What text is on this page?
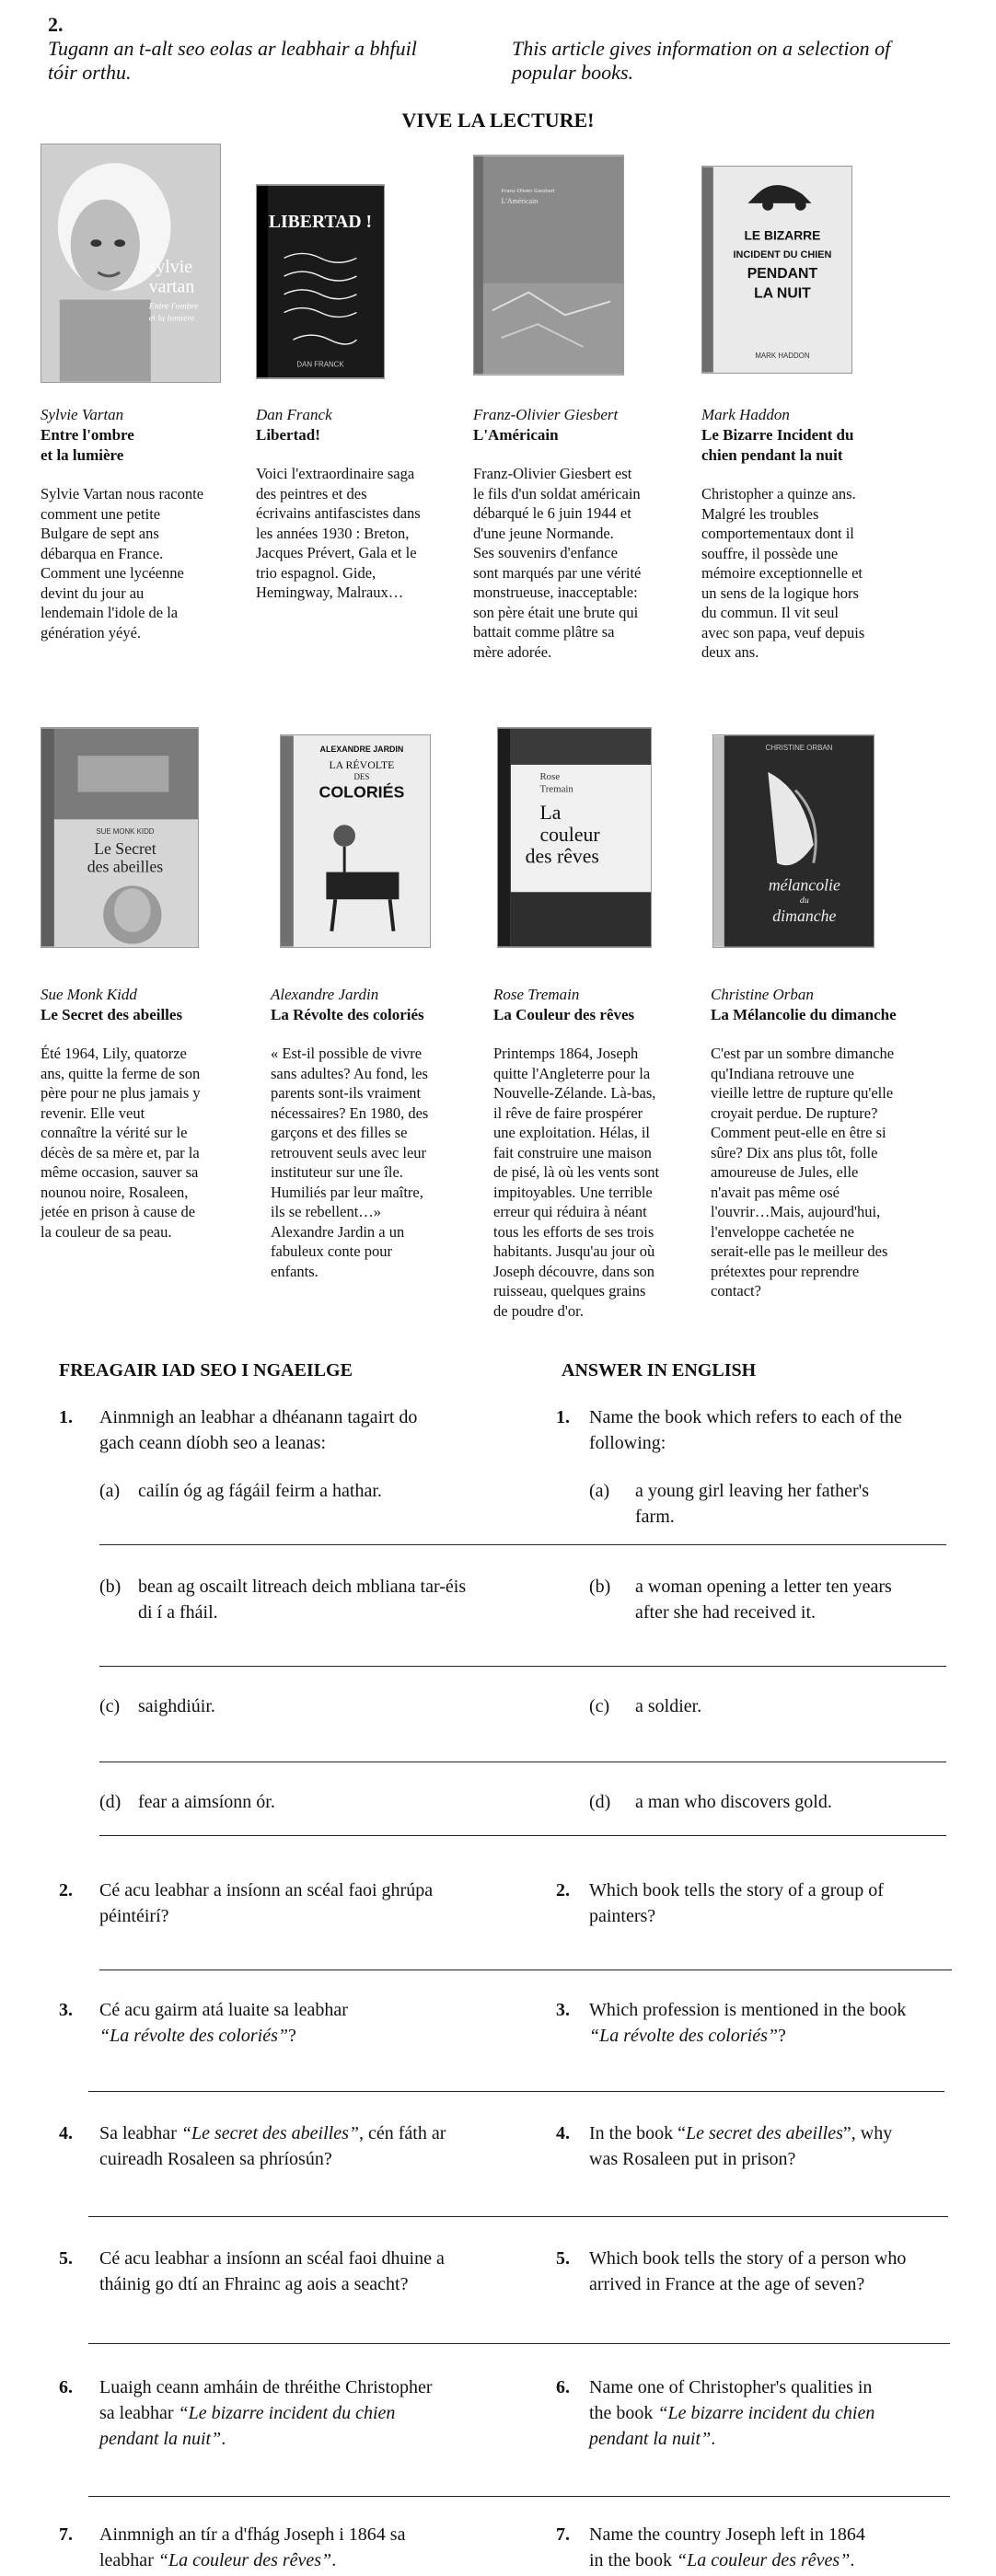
2.
Tugann an t-alt seo eolas ar leabhair a bhfuil
tóir orthu.
This article gives information on a selection of
popular books.
VIVE LA LECTURE!
sylvie
vartan
Entre l'ombre
et la lumière
LIBERTAD !
DAN FRANCK
Franz-Olivier Giesbert
L'Américain
LE BIZARRE
INCIDENT DU CHIEN
PENDANT
LA NUIT
MARK HADDON
Sylvie Vartan
Entre l'ombre
et la lumière
Sylvie Vartan nous raconte
comment une petite
Bulgare de sept ans
débarqua en France.
Comment une lycéenne
devint du jour au
lendemain l'idole de la
génération yéyé.
Dan Franck
Libertad!
Voici l'extraordinaire saga
des peintres et des
écrivains antifascistes dans
les années 1930 : Breton,
Jacques Prévert, Gala et le
trio espagnol. Gide,
Hemingway, Malraux…
Franz-Olivier Giesbert
L'Américain
Franz-Olivier Giesbert est
le fils d'un soldat américain
débarqué le 6 juin 1944 et
d'une jeune Normande.
Ses souvenirs d'enfance
sont marqués par une vérité
monstrueuse, inacceptable:
son père était une brute qui
battait comme plâtre sa
mère adorée.
Mark Haddon
Le Bizarre Incident du
chien pendant la nuit
Christopher a quinze ans.
Malgré les troubles
comportementaux dont il
souffre, il possède une
mémoire exceptionnelle et
un sens de la logique hors
du commun. Il vit seul
avec son papa, veuf depuis
deux ans.
SUE MONK KIDD
Le Secret
des abeilles
ALEXANDRE JARDIN
LA RÉVOLTE
DES
COLORIÉS
Rose
Tremain
La
couleur
des rêves
CHRISTINE ORBAN
mélancolie
du
dimanche
Sue Monk Kidd
Le Secret des abeilles
Été 1964, Lily, quatorze
ans, quitte la ferme de son
père pour ne plus jamais y
revenir. Elle veut
connaître la vérité sur le
décès de sa mère et, par la
même occasion, sauver sa
nounou noire, Rosaleen,
jetée en prison à cause de
la couleur de sa peau.
Alexandre Jardin
La Révolte des coloriés
« Est-il possible de vivre
sans adultes? Au fond, les
parents sont-ils vraiment
nécessaires? En 1980, des
garçons et des filles se
retrouvent seuls avec leur
instituteur sur une île.
Humiliés par leur maître,
ils se rebellent…»
Alexandre Jardin a un
fabuleux conte pour
enfants.
Rose Tremain
La Couleur des rêves
Printemps 1864, Joseph
quitte l'Angleterre pour la
Nouvelle-Zélande. Là-bas,
il rêve de faire prospérer
une exploitation. Hélas, il
fait construire une maison
de pisé, là où les vents sont
impitoyables. Une terrible
erreur qui réduira à néant
tous les efforts de ses trois
habitants. Jusqu'au jour où
Joseph découvre, dans son
ruisseau, quelques grains
de poudre d'or.
Christine Orban
La Mélancolie du dimanche
C'est par un sombre dimanche
qu'Indiana retrouve une
vieille lettre de rupture qu'elle
croyait perdue. De rupture?
Comment peut-elle en être si
sûre? Dix ans plus tôt, folle
amoureuse de Jules, elle
n'avait pas même osé
l'ouvrir…Mais, aujourd'hui,
l'enveloppe cachetée ne
serait-elle pas le meilleur des
prétextes pour reprendre
contact?
FREAGAIR IAD SEO I NGAEILGE	ANSWER IN ENGLISH
1. Ainmnigh an leabhar a dhéanann tagairt do
gach ceann díobh seo a leanas:
1. Name the book which refers to each of the
following:
(a) cailín óg ag fágáil feirm a hathar.	(a) a young girl leaving her father's
farm.
(b) bean ag oscailt litreach deich mbliana tar-éis
di í a fháil.
(b) a woman opening a letter ten years
after she had received it.
(c) saighdiúir.	(c) a soldier.
(d) fear a aimsíonn ór.	(d) a man who discovers gold.
2. Cé acu leabhar a insíonn an scéal faoi ghrúpa
péintéirí?
2. Which book tells the story of a group of
painters?
3. Cé acu gairm atá luaite sa leabhar
“La révolte des coloriés”?
3. Which profession is mentioned in the book
“La révolte des coloriés”?
4. Sa leabhar “Le secret des abeilles”, cén fáth ar
cuireadh Rosaleen sa phríosún?
4. In the book “Le secret des abeilles”, why
was Rosaleen put in prison?
5. Cé acu leabhar a insíonn an scéal faoi dhuine a
tháinig go dtí an Fhrainc ag aois a seacht?
5. Which book tells the story of a person who
arrived in France at the age of seven?
6. Luaigh ceann amháin de thréithe Christopher
sa leabhar “Le bizarre incident du chien
pendant la nuit”.
6. Name one of Christopher's qualities in
the book “Le bizarre incident du chien
pendant la nuit”.
7. Ainmnigh an tír a d'fhág Joseph i 1864 sa
leabhar “La couleur des rêves”.
7. Name the country Joseph left in 1864
in the book “La couleur des rêves”.
